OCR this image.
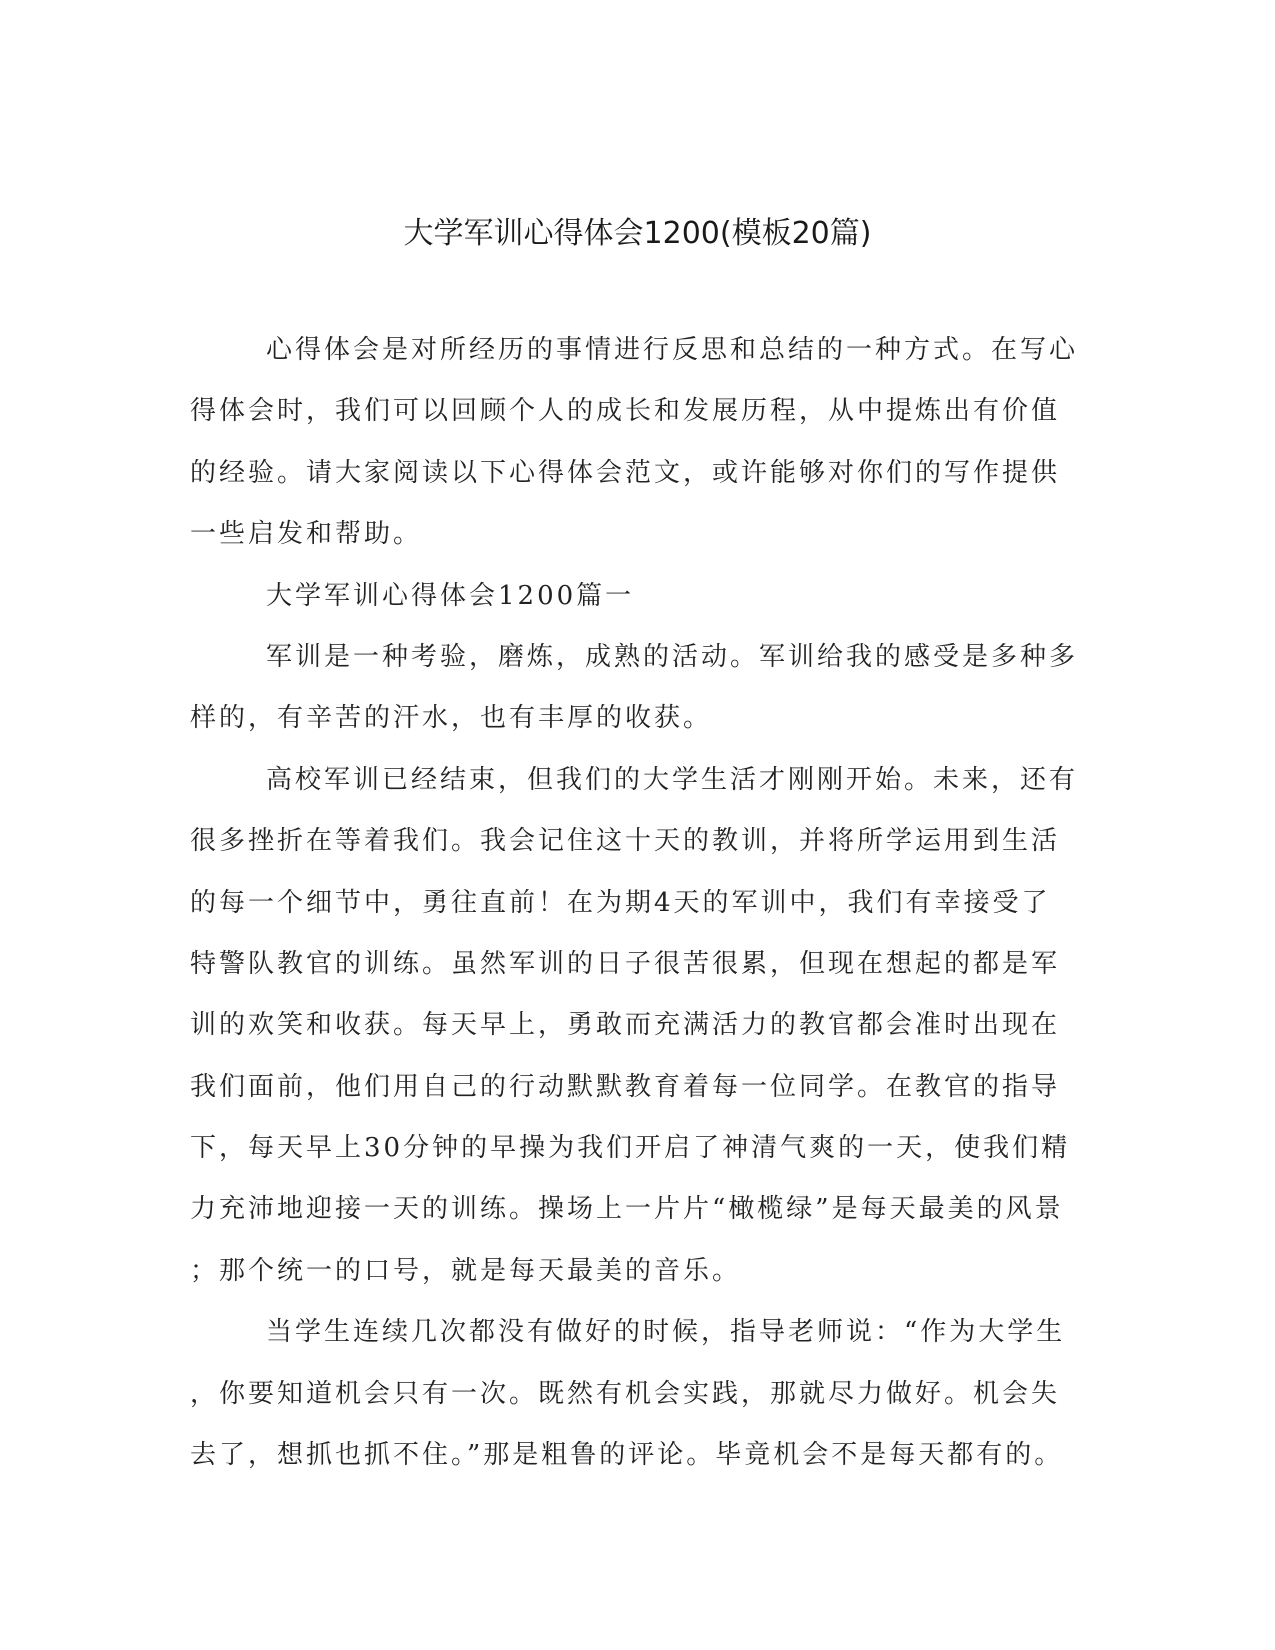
大学军训心得体会1200(模板20篇)
心得体会是对所经历的事情进行反思和总结的一种方式。在写心
得体会时，我们可以回顾个人的成长和发展历程，从中提炼出有价值
的经验。请大家阅读以下心得体会范文，或许能够对你们的写作提供
一些启发和帮助。
大学军训心得体会1200篇一
军训是一种考验，磨炼，成熟的活动。军训给我的感受是多种多
样的，有辛苦的汗水，也有丰厚的收获。
高校军训已经结束，但我们的大学生活才刚刚开始。未来，还有
很多挫折在等着我们。我会记住这十天的教训，并将所学运用到生活
的每一个细节中，勇往直前！在为期4天的军训中，我们有幸接受了
特警队教官的训练。虽然军训的日子很苦很累，但现在想起的都是军
训的欢笑和收获。每天早上，勇敢而充满活力的教官都会准时出现在
我们面前，他们用自己的行动默默教育着每一位同学。在教官的指导
下，每天早上30分钟的早操为我们开启了神清气爽的一天，使我们精
力充沛地迎接一天的训练。操场上一片片“橄榄绿”是每天最美的风景
；那个统一的口号，就是每天最美的音乐。
当学生连续几次都没有做好的时候，指导老师说：“作为大学生
，你要知道机会只有一次。既然有机会实践，那就尽力做好。机会失
去了，想抓也抓不住。”那是粗鲁的评论。毕竟机会不是每天都有的。
